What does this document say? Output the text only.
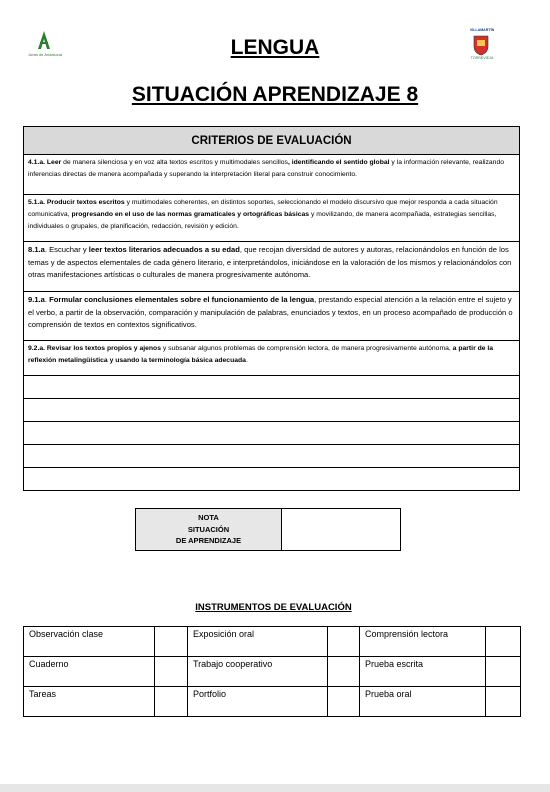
Junta de Andalucía
VILLAMARTÍN
TORREVIEJA
LENGUA
SITUACIÓN APRENDIZAJE 8
CRITERIOS DE EVALUACIÓN
4.1.a. Leer de manera silenciosa y en voz alta textos escritos y multimodales sencillos, identificando el sentido global y la información relevante, realizando inferencias directas de manera acompañada y superando la interpretación literal para construir conocimiento.
5.1.a. Producir textos escritos y multimodales coherentes, en distintos soportes, seleccionando el modelo discursivo que mejor responda a cada situación comunicativa, progresando en el uso de las normas gramaticales y ortográficas básicas y movilizando, de manera acompañada, estrategias sencillas, individuales o grupales, de planificación, redacción, revisión y edición.
8.1.a. Escuchar y leer textos literarios adecuados a su edad, que recojan diversidad de autores y autoras, relacionándolos en función de los temas y de aspectos elementales de cada género literario, e interpretándolos, iniciándose en la valoración de los mismos y relacionándolos con otras manifestaciones artísticas o culturales de manera progresivamente autónoma.
9.1.a. Formular conclusiones elementales sobre el funcionamiento de la lengua, prestando especial atención a la relación entre el sujeto y el verbo, a partir de la observación, comparación y manipulación de palabras, enunciados y textos, en un proceso acompañado de producción o comprensión de textos en contextos significativos.
9.2.a. Revisar los textos propios y ajenos y subsanar algunos problemas de comprensión lectora, de manera progresivamente autónoma, a partir de la reflexión metalingüística y usando la terminología básica adecuada.

NOTA
SITUACIÓN
DE APRENDIZAJE

INSTRUMENTOS DE EVALUACIÓN
Observación clase		Exposición oral		Comprensión lectora	
Cuaderno		Trabajo cooperativo		Prueba escrita	
Tareas		Portfolio		Prueba oral	
